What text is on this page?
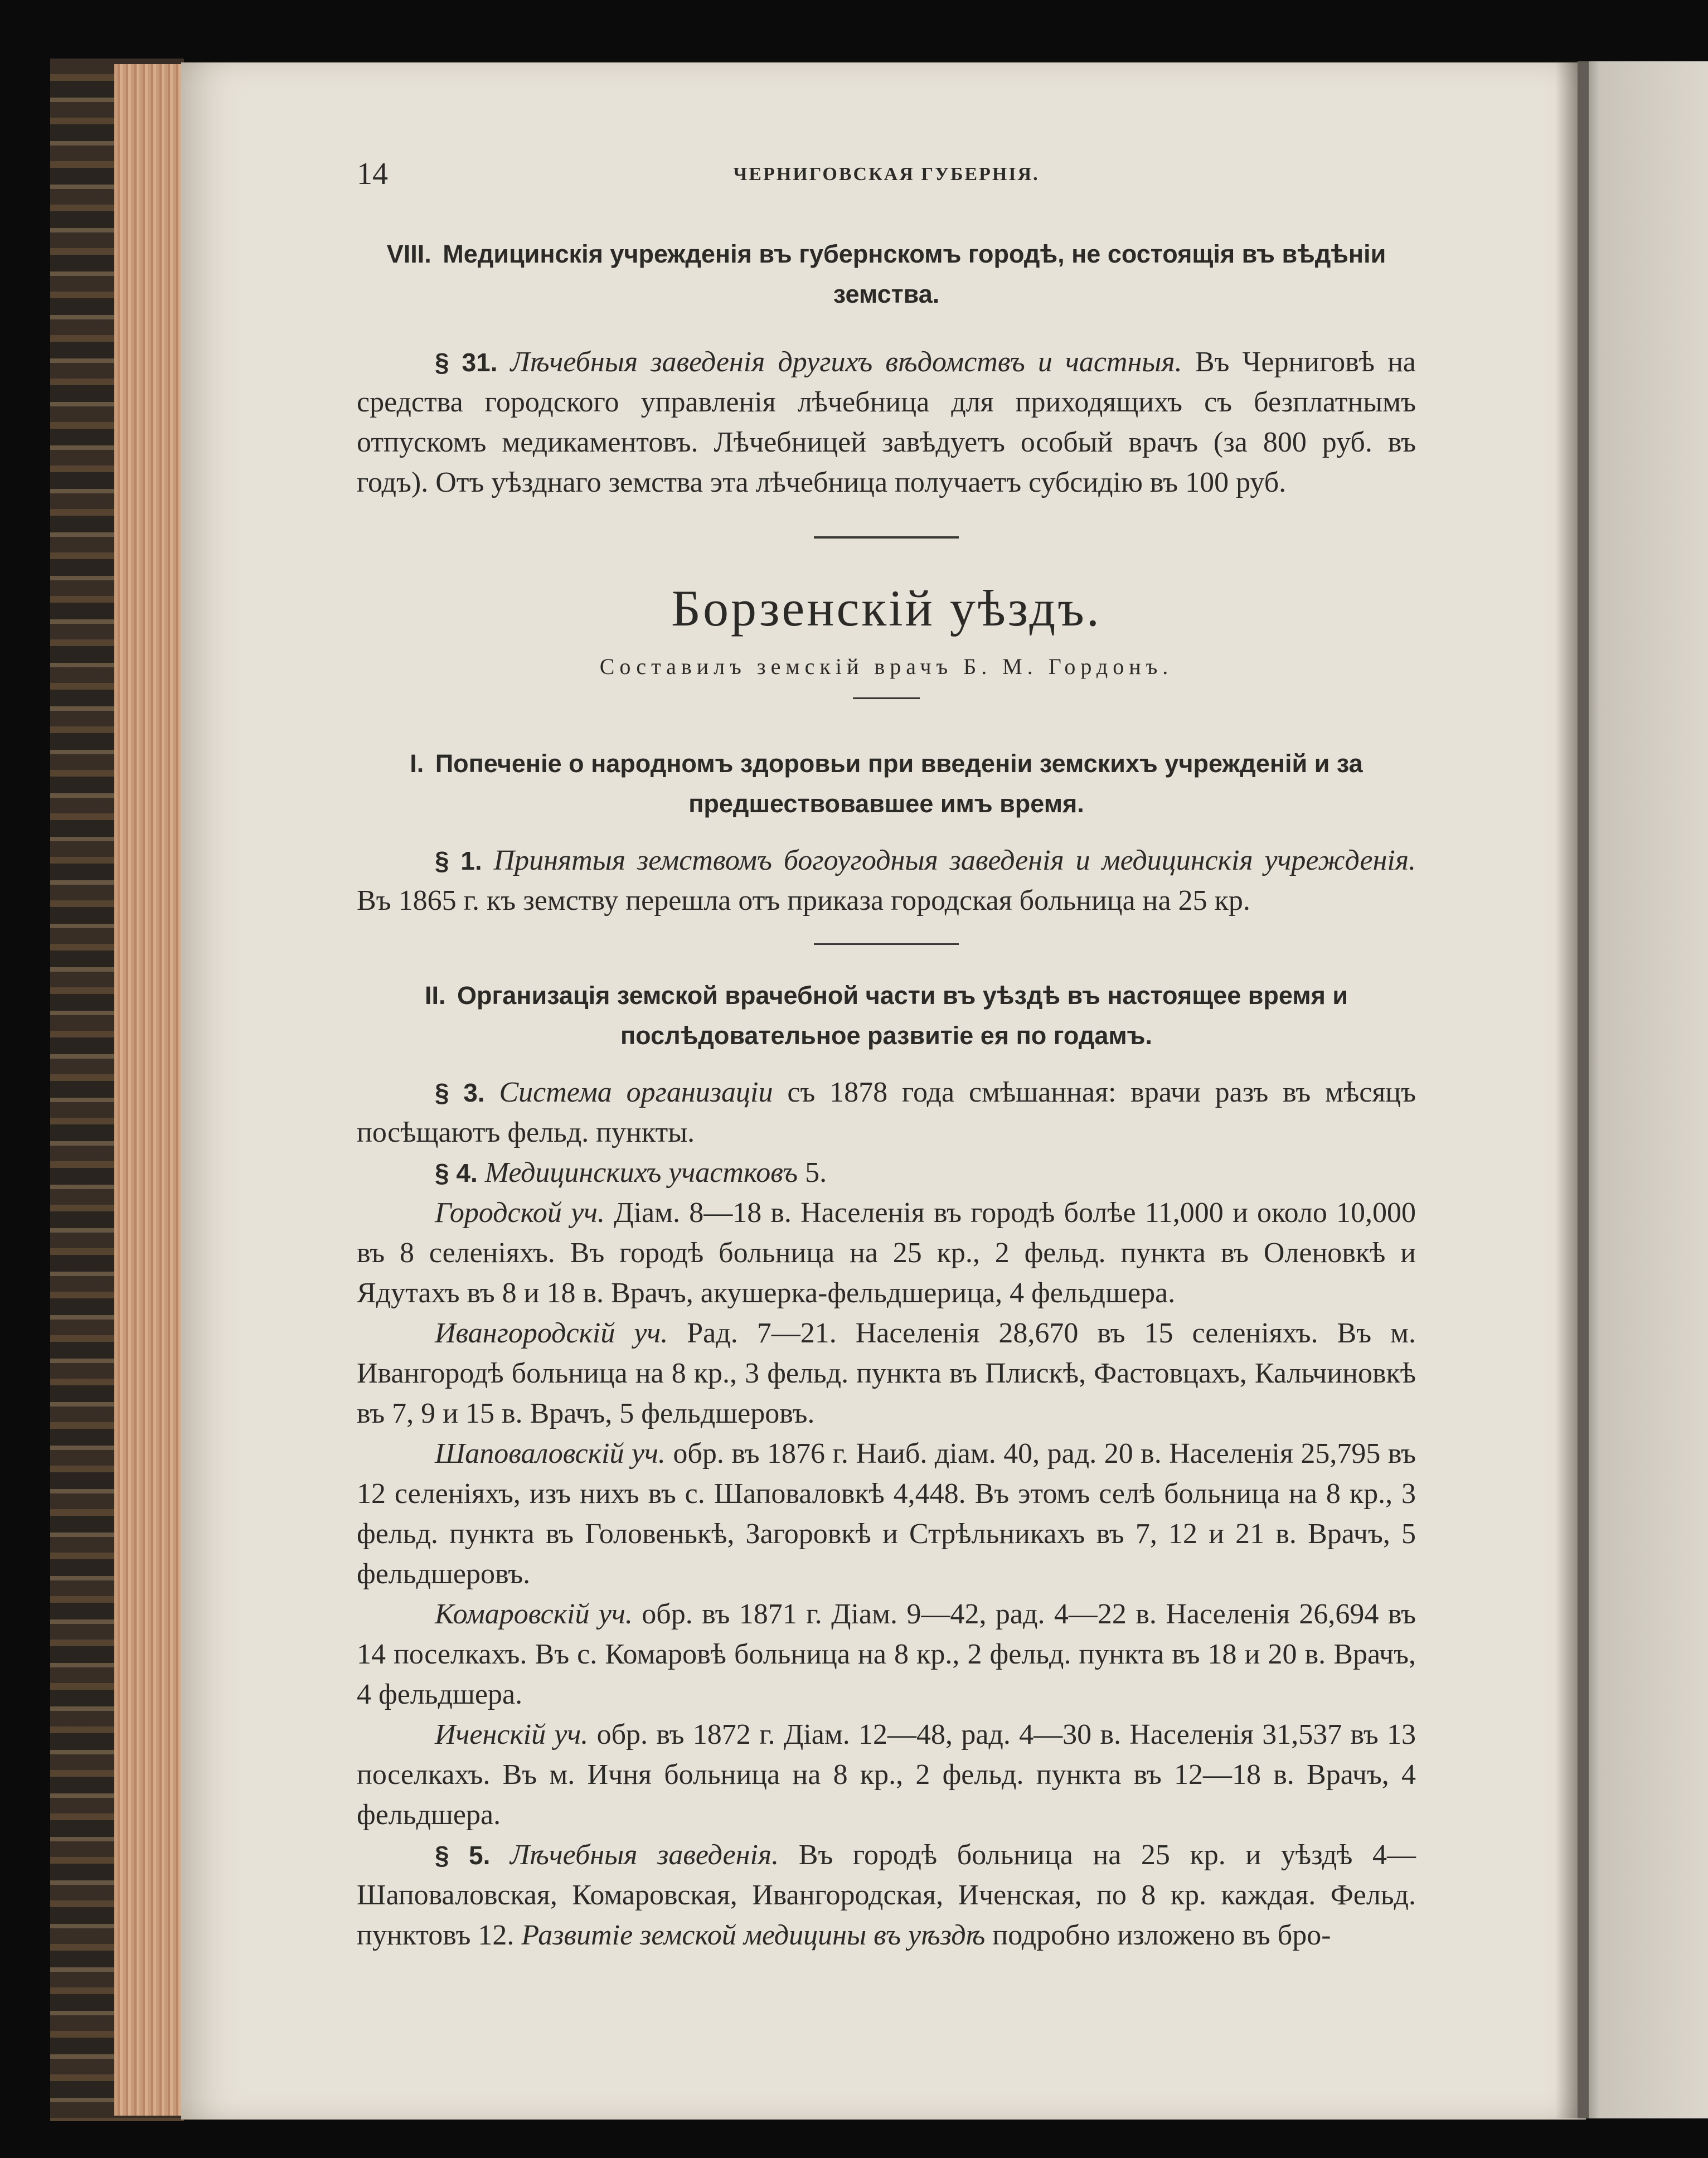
14	ЧЕРНИГОВСКАЯ ГУБЕРНІЯ.

VIII. Медицинскія учрежденія въ губернскомъ городѣ, не состоящія въ вѣдѣніи земства.

§ 31. Лѣчебныя заведенія другихъ вѣдомствъ и частныя. Въ Черниговѣ на средства городского управленія лѣчебница для приходящихъ съ безплатнымъ отпускомъ медикаментовъ. Лѣчебницей завѣдуетъ особый врачъ (за 800 руб. въ годъ). Отъ уѣзднаго земства эта лѣчебница получаетъ субсидію въ 100 руб.

Борзенскій уѣздъ.

Составилъ земскій врачъ Б. М. Гордонъ.

I. Попеченіе о народномъ здоровьи при введеніи земскихъ учрежденій и за предшествовавшее имъ время.

§ 1. Принятыя земствомъ богоугодныя заведенія и медицинскія учрежденія. Въ 1865 г. къ земству перешла отъ приказа городская больница на 25 кр.

II. Организація земской врачебной части въ уѣздѣ въ настоящее время и послѣдовательное развитіе ея по годамъ.

§ 3. Система организаціи съ 1878 года смѣшанная: врачи разъ въ мѣсяцъ посѣщаютъ фельд. пункты.

§ 4. Медицинскихъ участковъ 5.

Городской уч. Діам. 8—18 в. Населенія въ городѣ болѣе 11,000 и около 10,000 въ 8 селеніяхъ. Въ городѣ больница на 25 кр., 2 фельд. пункта въ Оленовкѣ и Ядутахъ въ 8 и 18 в. Врачъ, акушерка-фельдшерица, 4 фельдшера.

Ивангородскій уч. Рад. 7—21. Населенія 28,670 въ 15 селеніяхъ. Въ м. Ивангородѣ больница на 8 кр., 3 фельд. пункта въ Плискѣ, Фастовцахъ, Кальчиновкѣ въ 7, 9 и 15 в. Врачъ, 5 фельдшеровъ.

Шаповаловскій уч. обр. въ 1876 г. Наиб. діам. 40, рад. 20 в. Населенія 25,795 въ 12 селеніяхъ, изъ нихъ въ с. Шаповаловкѣ 4,448. Въ этомъ селѣ больница на 8 кр., 3 фельд. пункта въ Головенькѣ, Загоровкѣ и Стрѣльникахъ въ 7, 12 и 21 в. Врачъ, 5 фельдшеровъ.

Комаровскій уч. обр. въ 1871 г. Діам. 9—42, рад. 4—22 в. Населенія 26,694 въ 14 поселкахъ. Въ с. Комаровѣ больница на 8 кр., 2 фельд. пункта въ 18 и 20 в. Врачъ, 4 фельдшера.

Иченскій уч. обр. въ 1872 г. Діам. 12—48, рад. 4—30 в. Населенія 31,537 въ 13 поселкахъ. Въ м. Ичня больница на 8 кр., 2 фельд. пункта въ 12—18 в. Врачъ, 4 фельдшера.

§ 5. Лѣчебныя заведенія. Въ городѣ больница на 25 кр. и уѣздѣ 4— Шаповаловская, Комаровская, Ивангородская, Иченская, по 8 кр. каждая. Фельд. пунктовъ 12. Развитіе земской медицины въ уѣздѣ подробно изложено въ бро-
